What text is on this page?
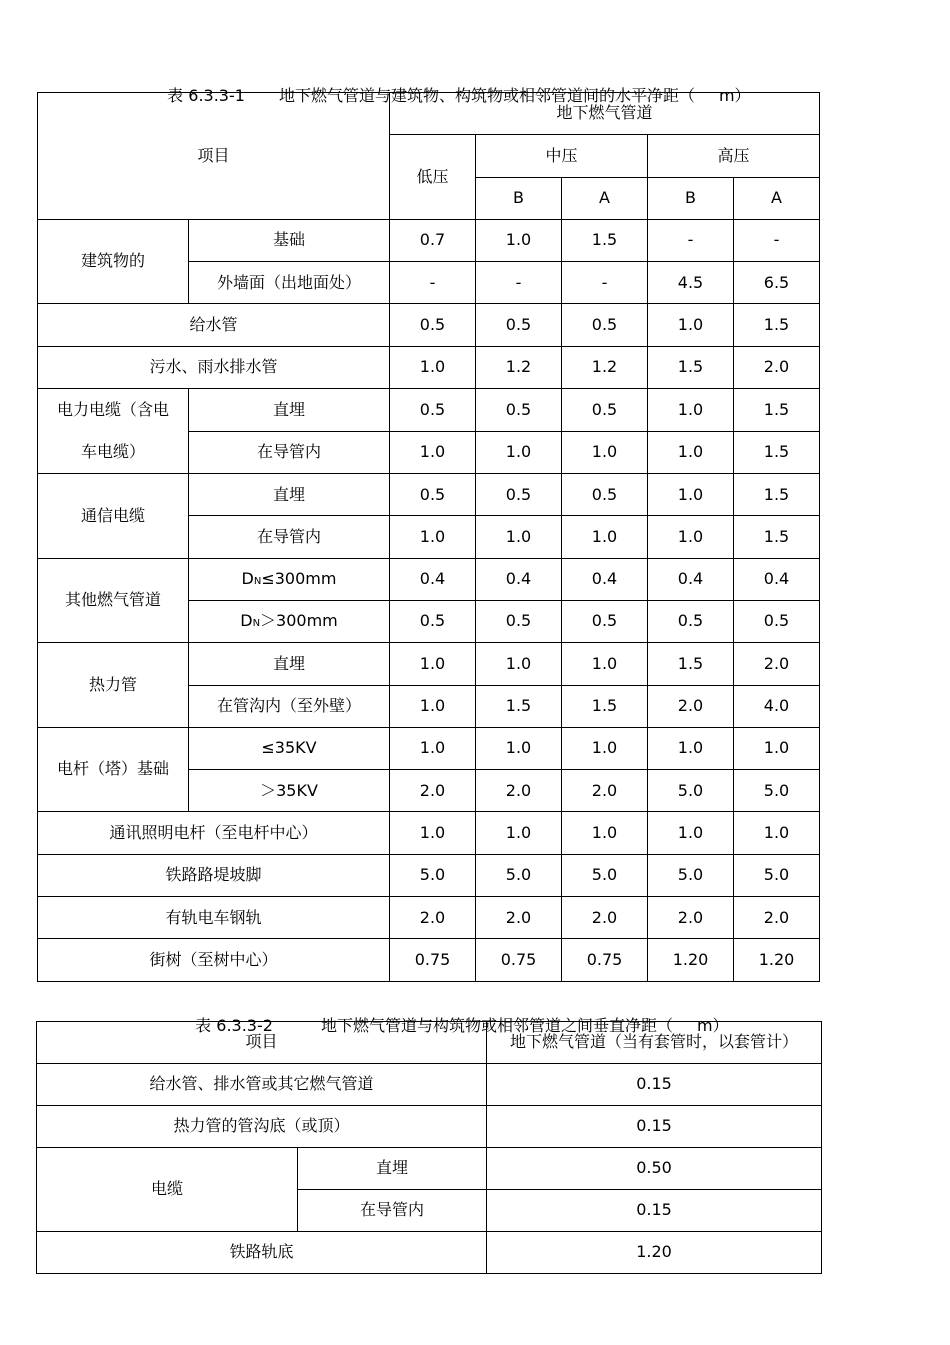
表 6.3.3-1 地下燃气管道与建筑物、构筑物或相邻管道间的水平净距（ m）

项目		地下燃气管道				
		低压	中压		高压	
			B	A	B	A
建筑物的	基础	0.7	1.0	1.5	-	-
	外墙面（出地面处）	-	-	-	4.5	6.5
给水管		0.5	0.5	0.5	1.0	1.5
污水、雨水排水管		1.0	1.2	1.2	1.5	2.0

电力电缆（含电
车电缆）	直埋	0.5	0.5	0.5	1.0	1.5
	在导管内	1.0	1.0	1.0	1.0	1.5
通信电缆	直埋	0.5	0.5	0.5	1.0	1.5
	在导管内	1.0	1.0	1.0	1.0	1.5
其他燃气管道	DN≤300mm	0.4	0.4	0.4	0.4	0.4
	DN＞300mm	0.5	0.5	0.5	0.5	0.5
热力管	直埋	1.0	1.0	1.0	1.5	2.0
	在管沟内（至外壁）	1.0	1.5	1.5	2.0	4.0
电杆（塔）基础	≤35KV	1.0	1.0	1.0	1.0	1.0
	＞35KV	2.0	2.0	2.0	5.0	5.0
通讯照明电杆（至电杆中心）		1.0	1.0	1.0	1.0	1.0
铁路路堤坡脚		5.0	5.0	5.0	5.0	5.0
有轨电车钢轨		2.0	2.0	2.0	2.0	2.0
街树（至树中心）		0.75	0.75	0.75	1.20	1.20

表 6.3.3-2	地下燃气管道与构筑物或相邻管道之间垂直净距（ m）

项目		地下燃气管道（当有套管时，以套管计）
给水管、排水管或其它燃气管道		0.15
热力管的管沟底（或顶）		0.15
电缆	直埋	0.50
	在导管内	0.15
铁路轨底		1.20
